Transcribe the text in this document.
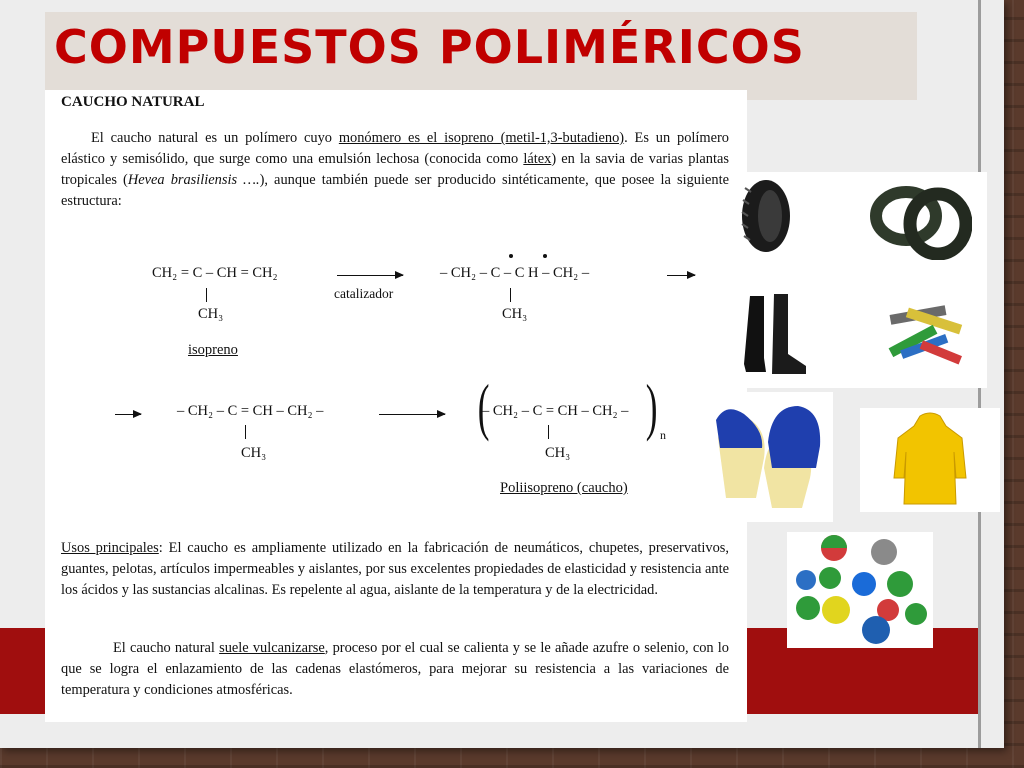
COMPUESTOS POLIMÉRICOS
CAUCHO NATURAL

El caucho natural es un polímero cuyo monómero es el isopreno (metil-1,3-butadieno). Es un polímero elástico y semisólido, que surge como una emulsión lechosa (conocida como látex) en la savia de varias plantas tropicales (Hevea brasiliensis ….), aunque también puede ser producido sintéticamente, que posee la siguiente estructura:

CH₂ = C – CH = CH₂
CH₃
isopreno
catalizador
– CH₂ – C – C H – CH₂ –
CH₃
– CH₂ – C = CH – CH₂ –
CH₃
(
– CH₂ – C = CH – CH₂ –
CH₃
) n
Poliisopreno (caucho)

Usos principales: El caucho es ampliamente utilizado en la fabricación de neumáticos, chupetes, preservativos, guantes, pelotas, artículos impermeables y aislantes, por sus excelentes propiedades de elasticidad y resistencia ante los ácidos y las sustancias alcalinas. Es repelente al agua, aislante de la temperatura y de la electricidad.

El caucho natural suele vulcanizarse, proceso por el cual se calienta y se le añade azufre o selenio, con lo que se logra el enlazamiento de las cadenas elastómeros, para mejorar su resistencia a las variaciones de temperatura y condiciones atmosféricas.
